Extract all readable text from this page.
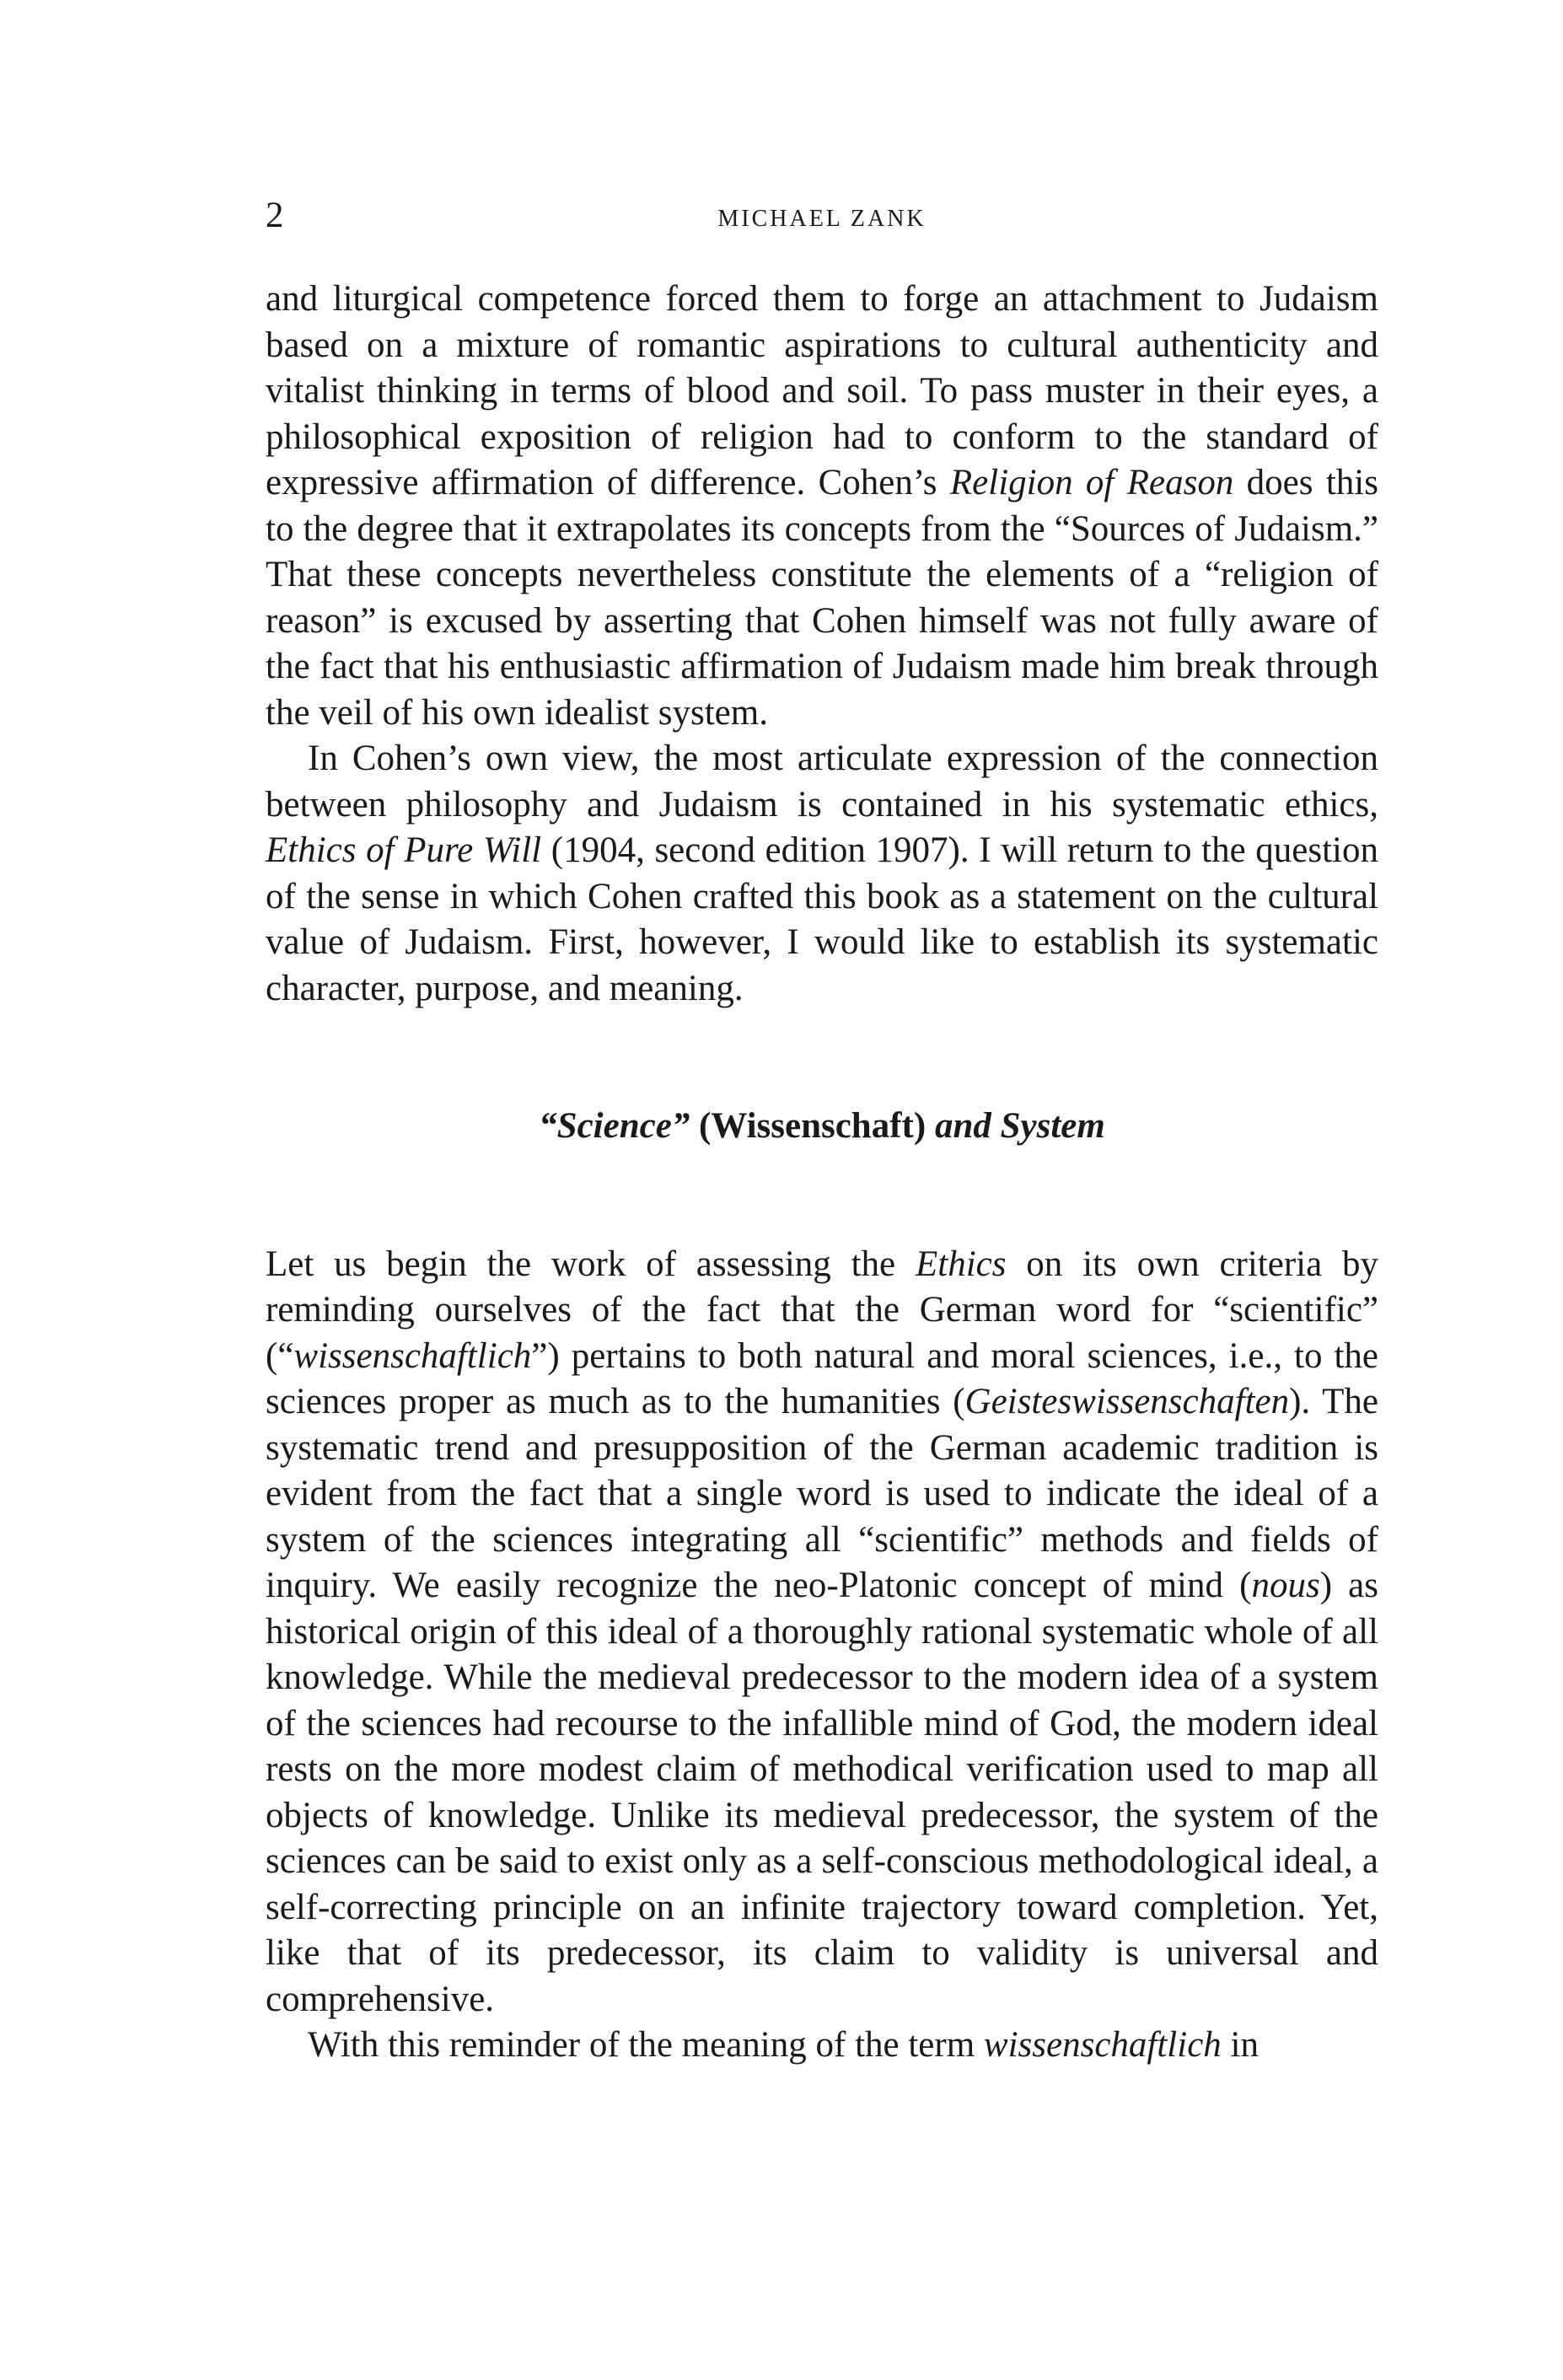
2	MICHAEL ZANK

and liturgical competence forced them to forge an attachment to Judaism based on a mixture of romantic aspirations to cultural authenticity and vitalist thinking in terms of blood and soil. To pass muster in their eyes, a philosophical exposition of religion had to conform to the standard of expressive affirmation of difference. Cohen’s Religion of Reason does this to the degree that it extrapolates its concepts from the “Sources of Judaism.” That these concepts nevertheless constitute the elements of a “religion of reason” is excused by asserting that Cohen himself was not fully aware of the fact that his enthusiastic affirmation of Judaism made him break through the veil of his own idealist system.

In Cohen’s own view, the most articulate expression of the connection between philosophy and Judaism is contained in his systematic ethics, Ethics of Pure Will (1904, second edition 1907). I will return to the question of the sense in which Cohen crafted this book as a statement on the cultural value of Judaism. First, however, I would like to establish its systematic character, purpose, and meaning.

“Science” (Wissenschaft) and System

Let us begin the work of assessing the Ethics on its own criteria by reminding ourselves of the fact that the German word for “scientific” (“wissenschaftlich”) pertains to both natural and moral sciences, i.e., to the sciences proper as much as to the humanities (Geisteswissenschaften). The systematic trend and presupposition of the German academic tradition is evident from the fact that a single word is used to indicate the ideal of a system of the sciences integrating all “scientific” methods and fields of inquiry. We easily recognize the neo-Platonic concept of mind (nous) as historical origin of this ideal of a thoroughly rational systematic whole of all knowledge. While the medieval predecessor to the modern idea of a system of the sciences had recourse to the infallible mind of God, the modern ideal rests on the more modest claim of methodical verification used to map all objects of knowledge. Unlike its medieval predecessor, the system of the sciences can be said to exist only as a self-conscious methodological ideal, a self-correcting principle on an infinite trajectory toward completion. Yet, like that of its predecessor, its claim to validity is universal and comprehensive.

With this reminder of the meaning of the term wissenschaftlich in
